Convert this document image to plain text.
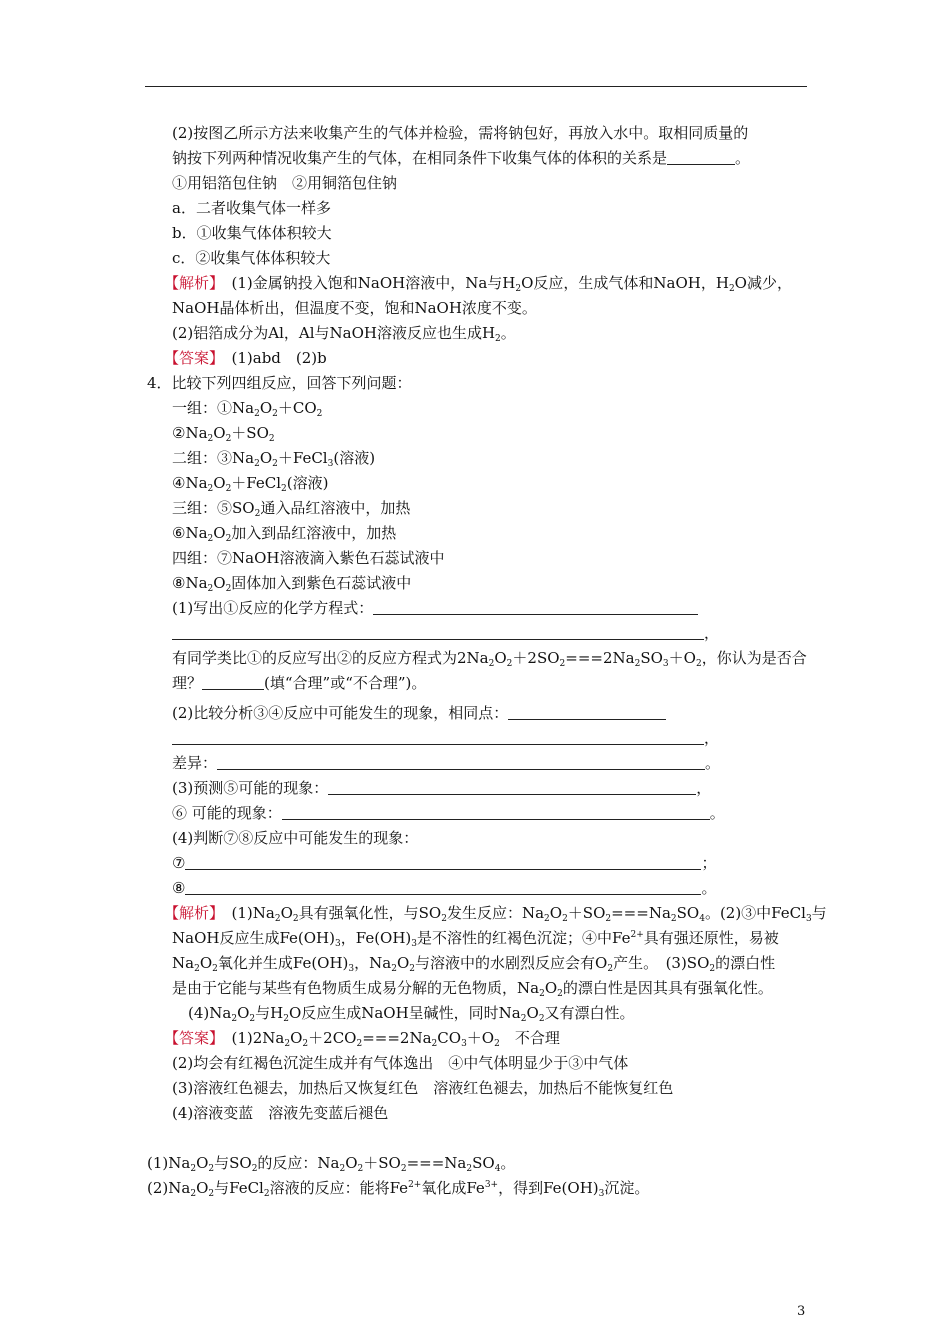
(2)按图乙所示方法来收集产生的气体并检验，需将钠包好，再放入水中。取相同质量的
钠按下列两种情况收集产生的气体，在相同条件下收集气体的体积的关系是	。
①用铝箔包住钠　②用铜箔包住钠
a．二者收集气体一样多
b．①收集气体体积较大
c．②收集气体体积较大
【解析】　(1)金属钠投入饱和NaOH溶液中，Na与$H_2O$反应，生成气体和NaOH，$H_2O$减少，
NaOH晶体析出，但温度不变，饱和NaOH浓度不变。
(2)铝箔成分为Al，Al与NaOH溶液反应也生成$H_2$。
【答案】　(1)abd　(2)b
4．比较下列四组反应，回答下列问题：
一组：$①Na_2O_2+CO_2$
$②Na_2O_2+SO_2$
二组：$③Na_2O_2+FeCl_3$(溶液)
$④Na_2O_2+FeCl_2$(溶液)
三组：$⑤SO_2$通入品红溶液中，加热
$⑥Na_2O_2$加入到品红溶液中，加热
四组：⑦NaOH溶液滴入紫色石蕊试液中
$⑧Na_2O_2$固体加入到紫色石蕊试液中
(1)写出①反应的化学方程式：
，
有同学类比①的反应写出②的反应方程式为$2Na_2O_2+2SO_2===2Na_2SO_3+O_2$，你认为是否合
理？	(填“合理”或“不合理”)。
(2)比较分析③④反应中可能发生的现象，相同点：
，
差异：	。
(3)预测⑤可能的现象：	，
⑥ 可能的现象：	。
(4)判断⑦⑧反应中可能发生的现象：
⑦	；
⑧	。
【解析】　$(1)Na_2O_2$具有强氧化性，与$SO_2$发生反应：$Na_2O_2+SO_2===Na_2SO_4$。(2)③中FeCl$_3$与
NaOH反应生成$Fe(OH)_3$，$Fe(OH)_3$是不溶性的红褐色沉淀；④中$Fe^{2+}$具有强还原性，易被
$Na_2O_2$氧化并生成$Fe(OH)_3$，$Na_2O_2$与溶液中的水剧烈反应会有$O_2$产生。　$(3)SO_2$的漂白性
是由于它能与某些有色物质生成易分解的无色物质，$Na_2O_2$的漂白性是因其具有强氧化性。
$(4)Na_2O_2$与$H_2O$反应生成NaOH呈碱性，同时$Na_2O_2$又有漂白性。
【答案】　$(1)2Na_2O_2+2CO_2===2Na_2CO_3+O_2$　不合理
(2)均会有红褐色沉淀生成并有气体逸出　④中气体明显少于③中气体
(3)溶液红色褪去，加热后又恢复红色　溶液红色褪去，加热后不能恢复红色
(4)溶液变蓝　溶液先变蓝后褪色
$(1)Na_2O_2$与$SO_2$的反应：$Na_2O_2+SO_2===Na_2SO_4$。
$(2)Na_2O_2$与FeCl$_2$溶液的反应：能将$Fe^{2+}$氧化成$Fe^{3+}$，得到$Fe(OH)_3$沉淀。
3
